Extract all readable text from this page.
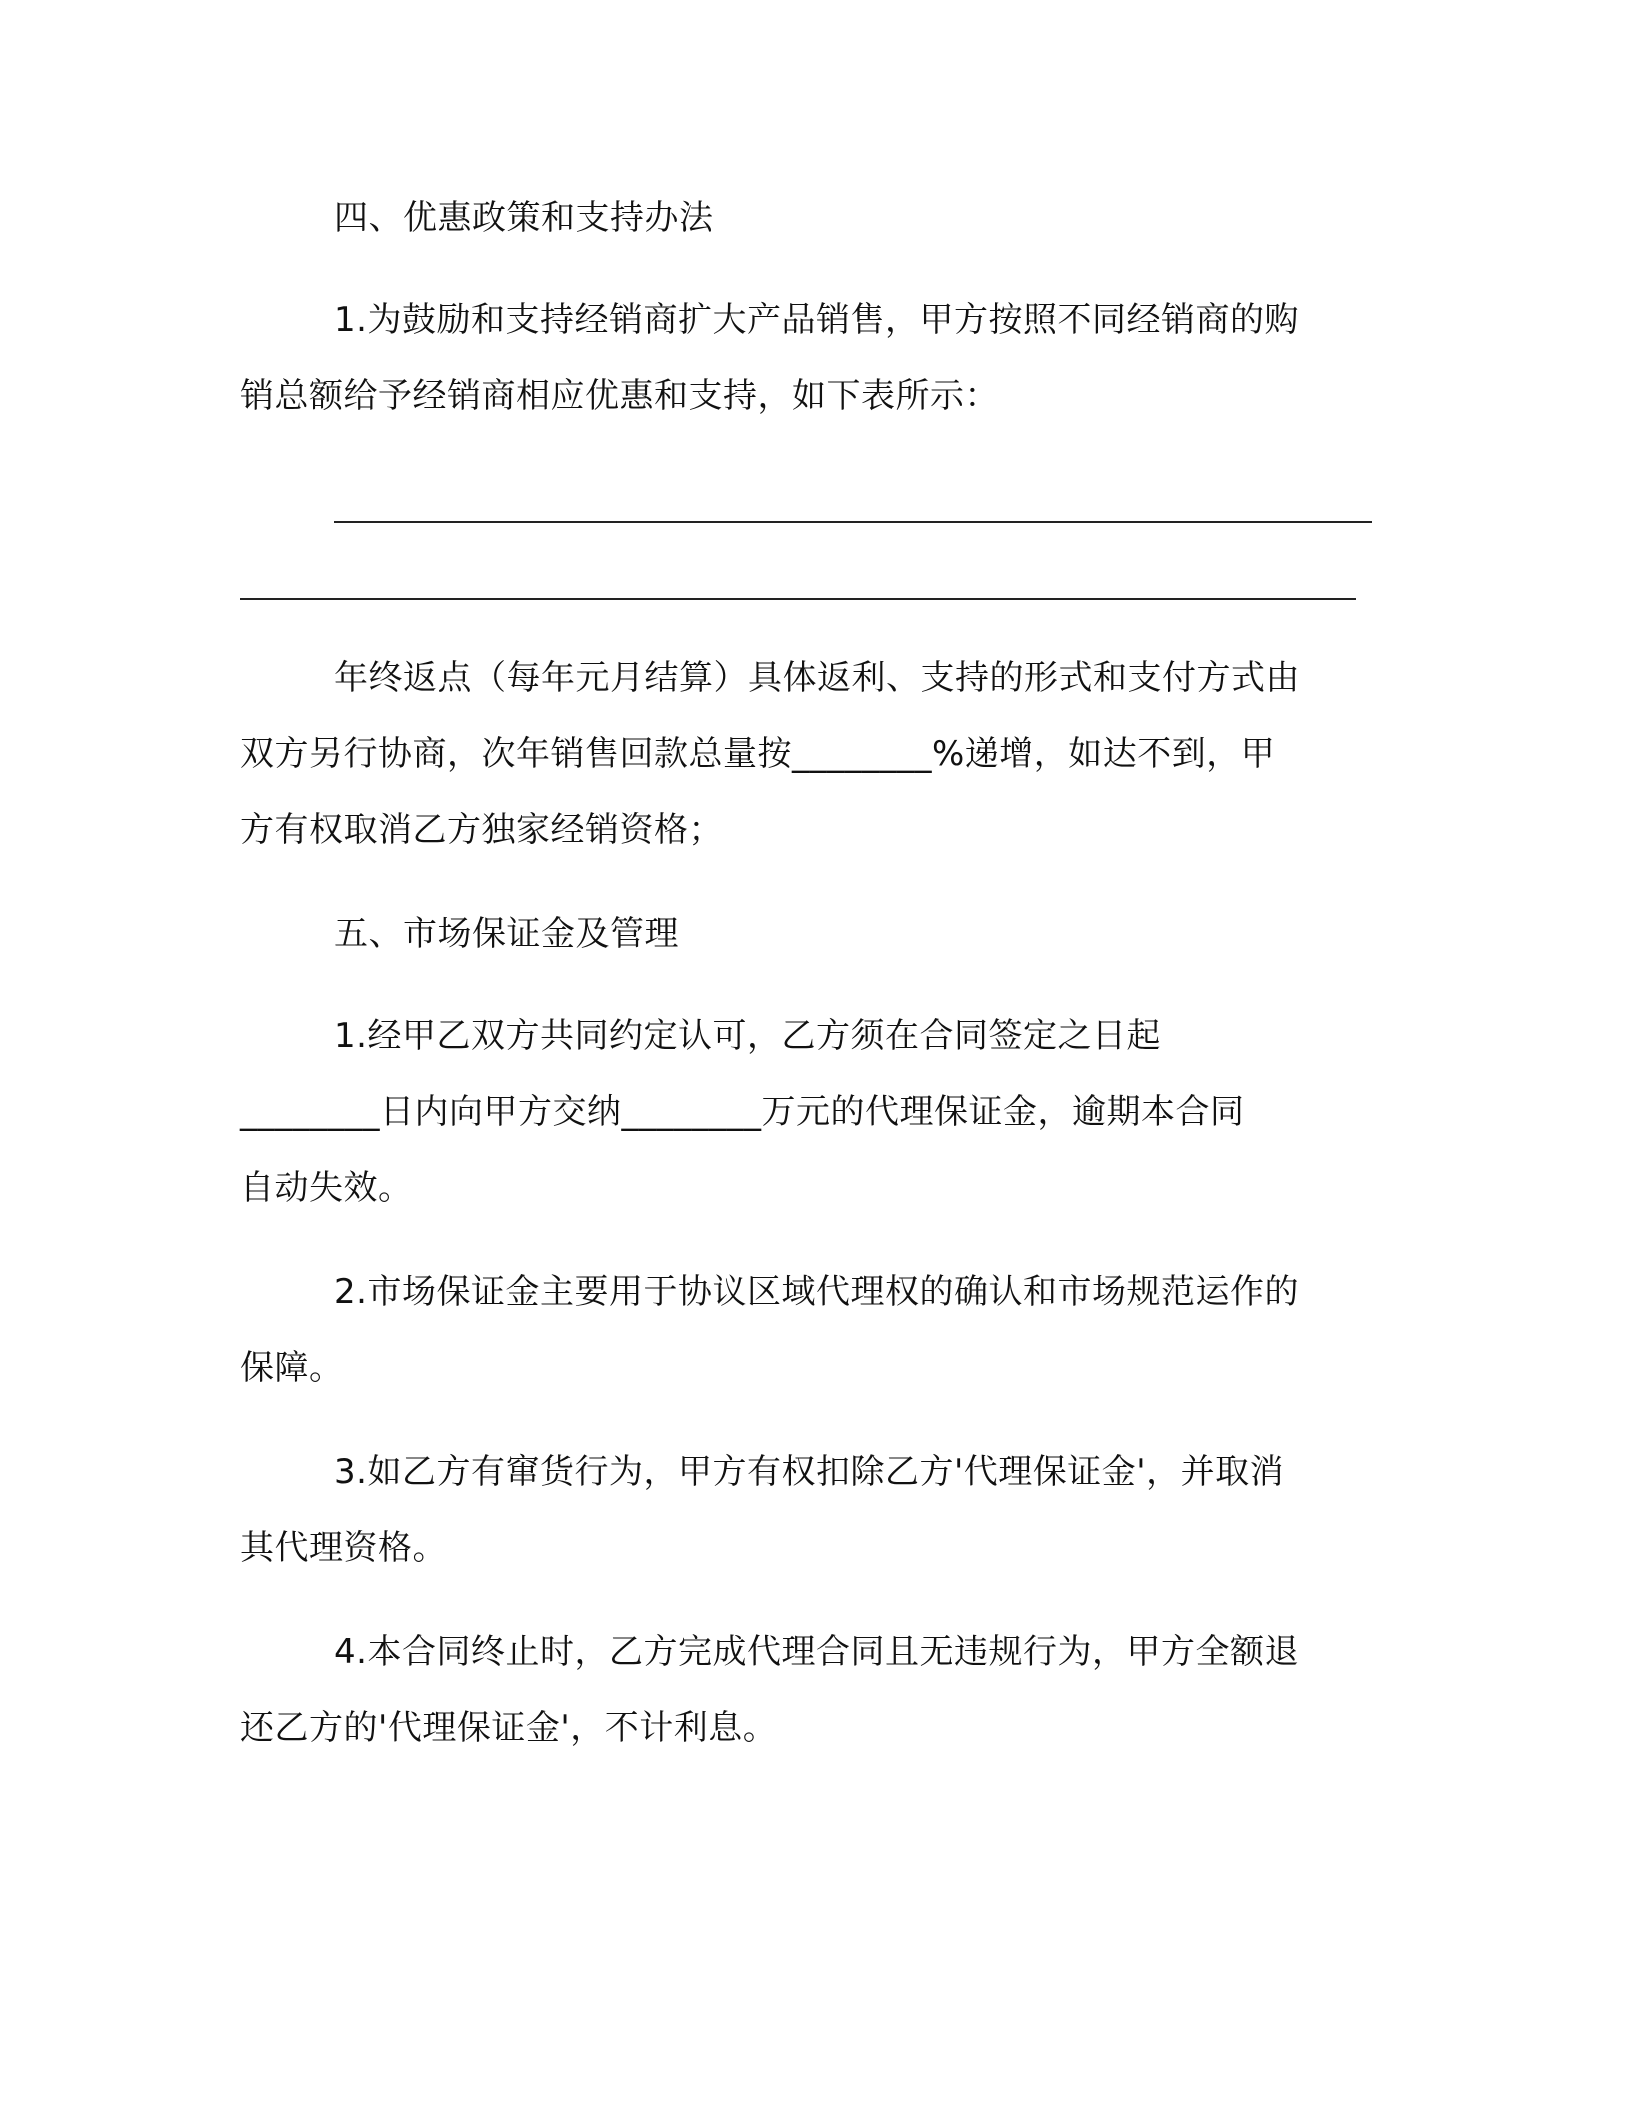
四、优惠政策和支持办法
1.为鼓励和支持经销商扩大产品销售，甲方按照不同经销商的购
销总额给予经销商相应优惠和支持，如下表所示：
年终返点（每年元月结算）具体返利、支持的形式和支付方式由
双方另行协商，次年销售回款总量按________%递增，如达不到，甲
方有权取消乙方独家经销资格；
五、市场保证金及管理
1.经甲乙双方共同约定认可，乙方须在合同签定之日起
________日内向甲方交纳________万元的代理保证金，逾期本合同
自动失效。
2.市场保证金主要用于协议区域代理权的确认和市场规范运作的
保障。
3.如乙方有窜货行为，甲方有权扣除乙方'代理保证金'，并取消
其代理资格。
4.本合同终止时，乙方完成代理合同且无违规行为，甲方全额退
还乙方的'代理保证金'，不计利息。
